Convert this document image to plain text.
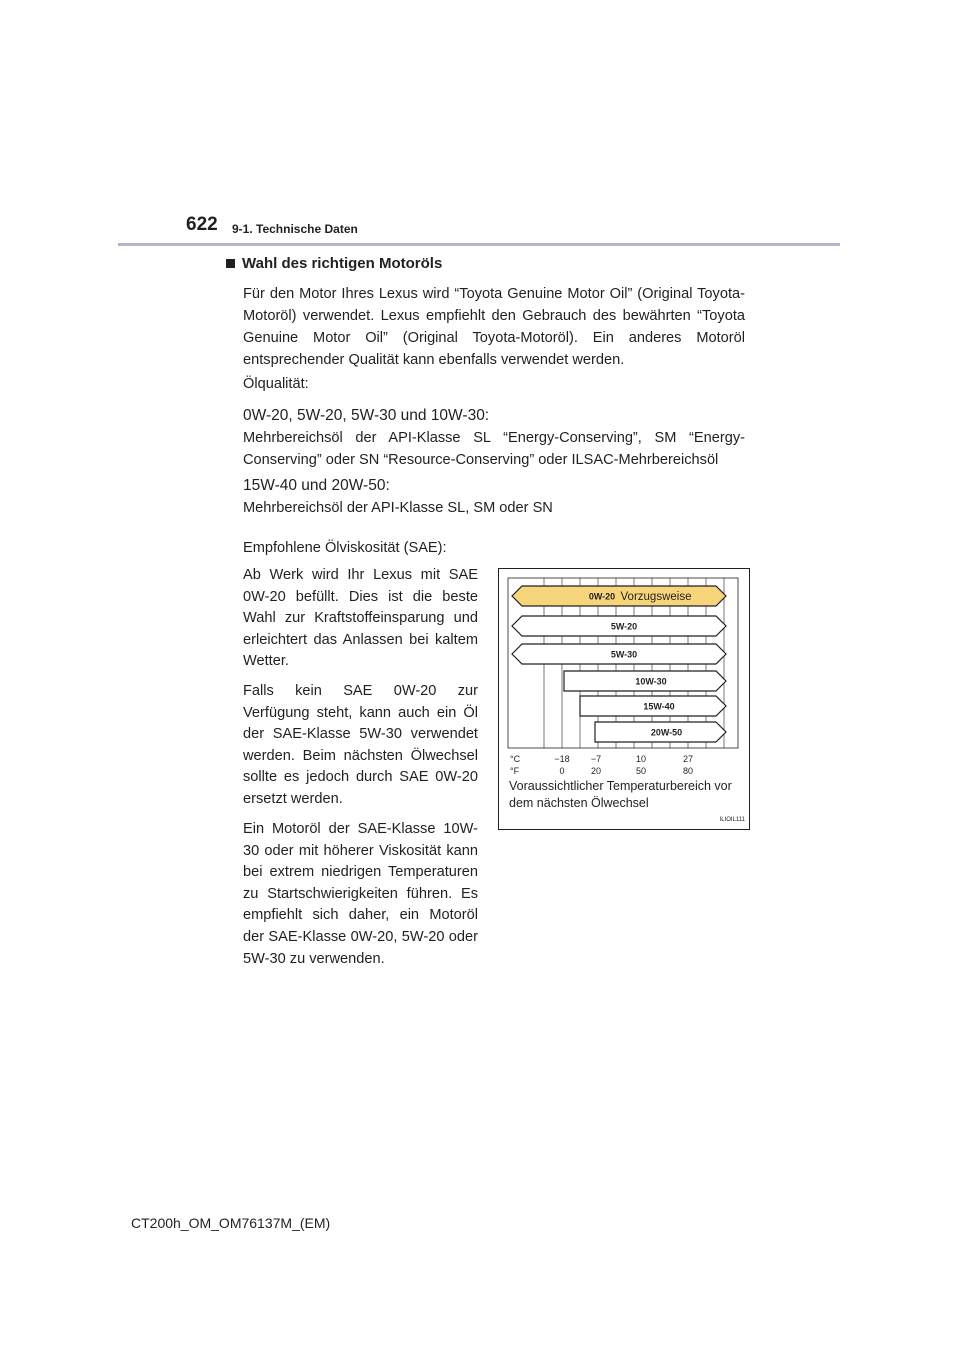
622 9-1. Technische Daten
Wahl des richtigen Motoröls

Für den Motor Ihres Lexus wird “Toyota Genuine Motor Oil” (Original Toyota-Motoröl) verwendet. Lexus empfiehlt den Gebrauch des bewährten “Toyota Genuine Motor Oil” (Original Toyota-Motoröl). Ein anderes Motoröl entsprechender Qualität kann ebenfalls verwendet werden.

Ölqualität:

0W-20, 5W-20, 5W-30 und 10W-30:

Mehrbereichsöl der API-Klasse SL “Energy-Conserving”, SM “Energy-Conserving” oder SN “Resource-Conserving” oder ILSAC-Mehrbereichsöl

15W-40 und 20W-50:

Mehrbereichsöl der API-Klasse SL, SM oder SN

Empfohlene Ölviskosität (SAE):

Ab Werk wird Ihr Lexus mit SAE 0W-20 befüllt. Dies ist die beste Wahl zur Kraftstoffeinsparung und erleichtert das Anlassen bei kaltem Wetter.

Falls kein SAE 0W-20 zur Verfügung steht, kann auch ein Öl der SAE-Klasse 5W-30 verwendet werden. Beim nächsten Ölwechsel sollte es jedoch durch SAE 0W-20 ersetzt werden.

Ein Motoröl der SAE-Klasse 10W-30 oder mit höherer Viskosität kann bei extrem niedrigen Temperaturen zu Startschwierigkeiten führen. Es empfiehlt sich daher, ein Motoröl der SAE-Klasse 0W-20, 5W-20 oder 5W-30 zu verwenden.

0W-20 Vorzugsweise
5W-20
5W-30
10W-30
15W-40
20W-50
°C
°F
−18 −7	10	27
0	20	50	80
Voraussichtlicher Temperaturbereich vor dem nächsten Ölwechsel
ILIOIL111
CT200h_OM_OM76137M_(EM)
